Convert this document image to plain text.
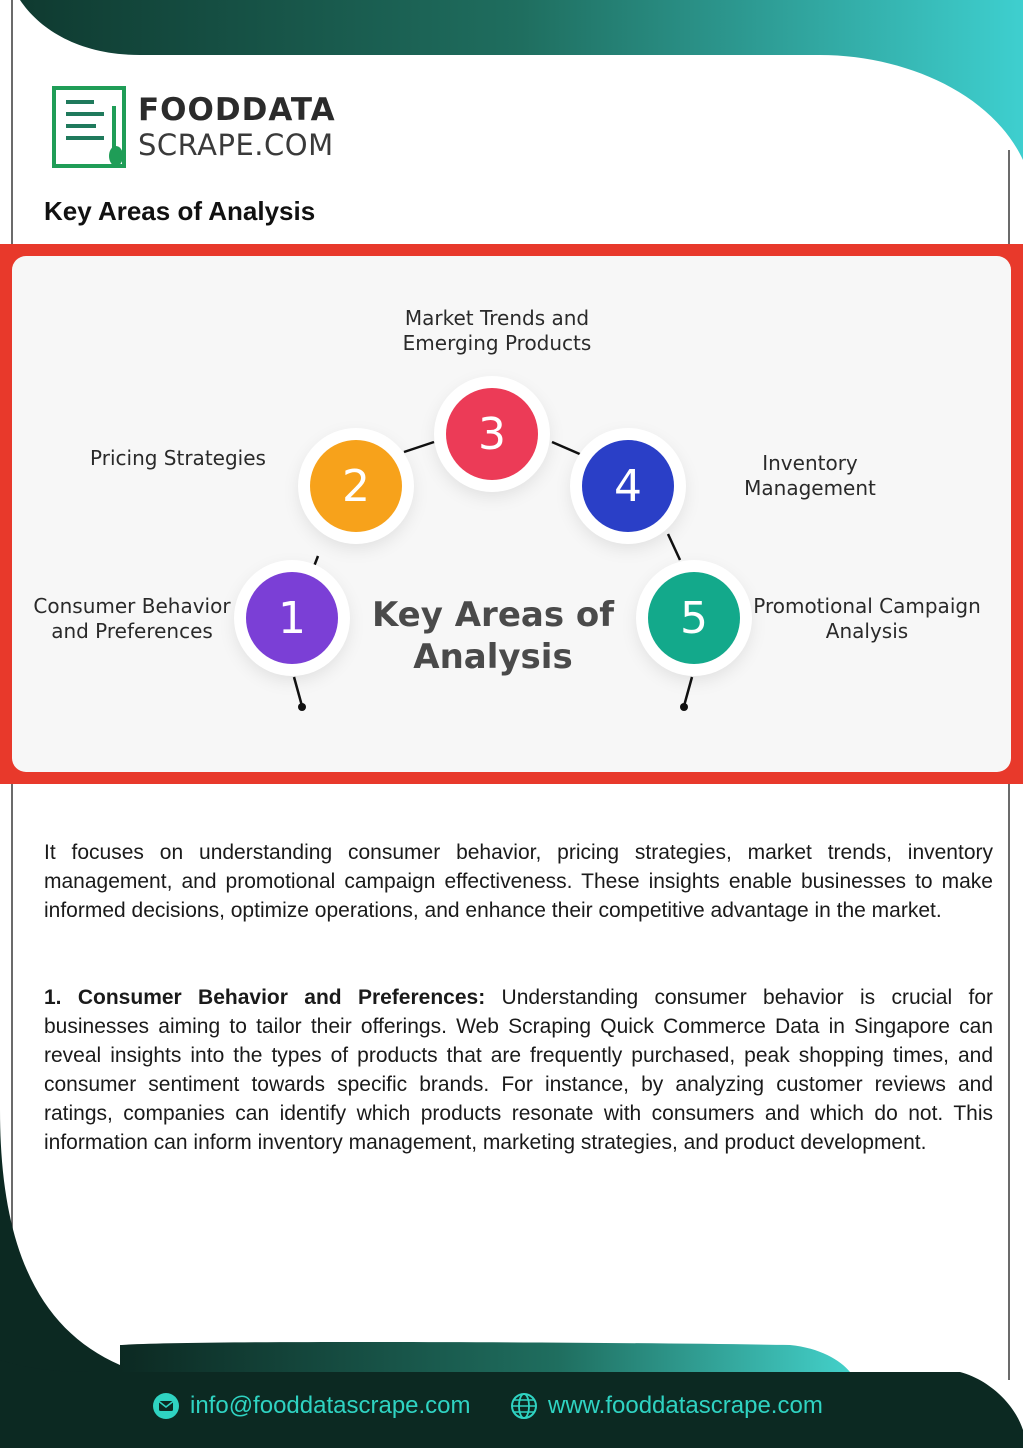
FOODDATA
SCRAPE.COM
Key Areas of Analysis
1
2
3
4
5
Consumer Behavior and Preferences
Pricing Strategies
Market Trends and Emerging Products
Inventory Management
Promotional Campaign Analysis
Key Areas of Analysis

It focuses on understanding consumer behavior, pricing strategies, market trends, inventory management, and promotional campaign effectiveness. These insights enable businesses to make informed decisions, optimize operations, and enhance their competitive advantage in the market.

1. Consumer Behavior and Preferences: Understanding consumer behavior is crucial for businesses aiming to tailor their offerings. Web Scraping Quick Commerce Data in Singapore can reveal insights into the types of products that are frequently purchased, peak shopping times, and consumer sentiment towards specific brands. For instance, by analyzing customer reviews and ratings, companies can identify which products resonate with consumers and which do not. This information can inform inventory management, marketing strategies, and product development.

info@fooddatascrape.com	www.fooddatascrape.com
